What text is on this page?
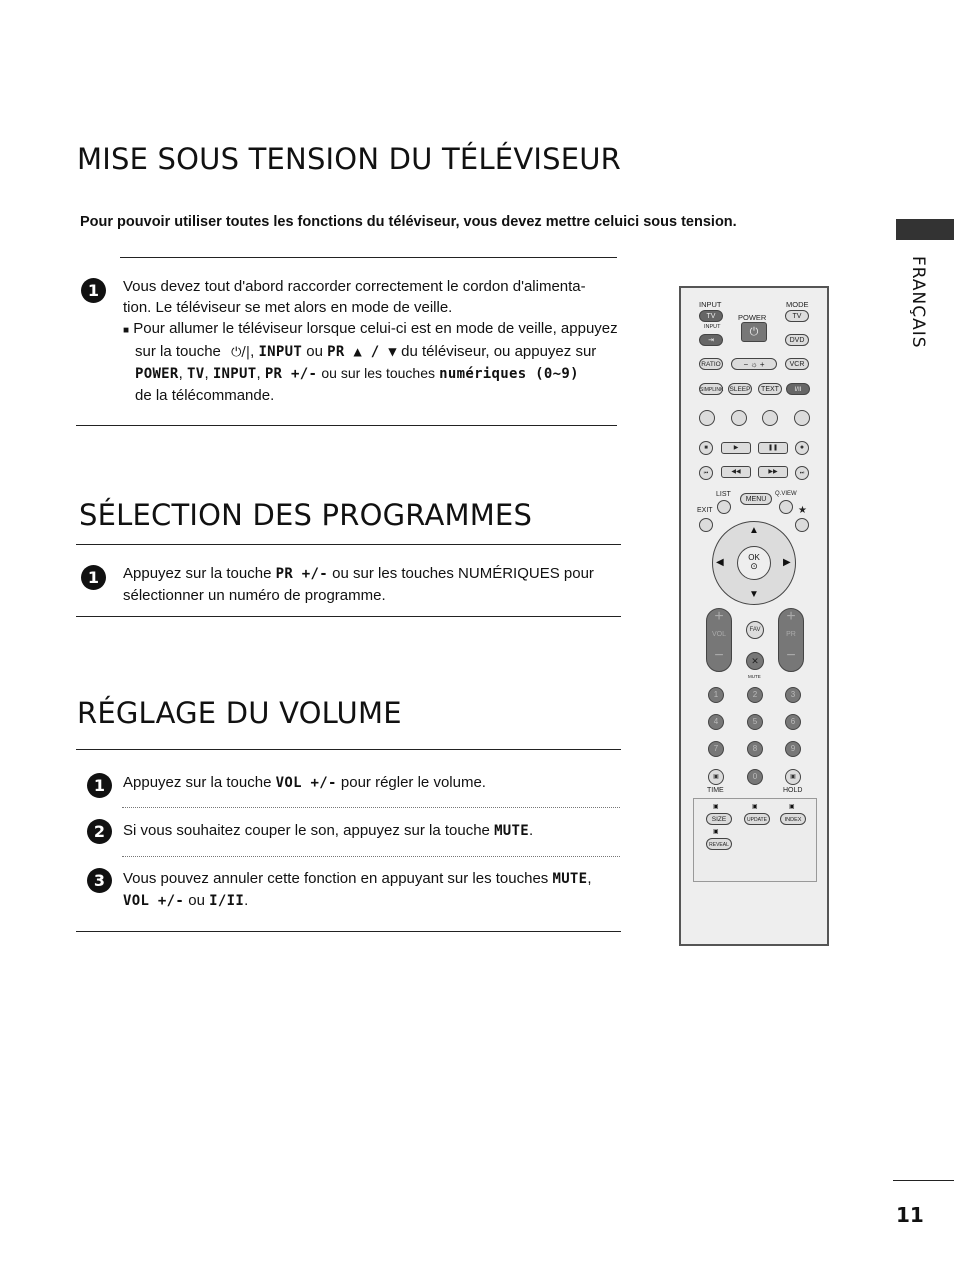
MISE SOUS TENSION DU TÉLÉVISEUR
Pour pouvoir utiliser toutes les fonctions du téléviseur, vous devez mettre celuici sous tension.
1	Vous devez tout d'abord raccorder correctement le cordon d'alimenta-
tion. Le téléviseur se met alors en mode de veille.
■ Pour allumer le téléviseur lorsque celui-ci est en mode de veille, appuyez
sur la touche ⏻/|, INPUT ou PR ▲ / ▼ du téléviseur, ou appuyez sur
POWER, TV, INPUT, PR +/- ou sur les touches numériques (0~9)
de la télécommande.
SÉLECTION DES PROGRAMMES
1	Appuyez sur la touche PR +/- ou sur les touches NUMÉRIQUES pour
sélectionner un numéro de programme.
RÉGLAGE DU VOLUME
1	Appuyez sur la touche VOL +/- pour régler le volume.
2	Si vous souhaitez couper le son, appuyez sur la touche MUTE.
3	Vous pouvez annuler cette fonction en appuyant sur les touches MUTE,
VOL +/- ou I/II.
FRANÇAIS
11
INPUT	MODE
POWER
TV
INPUT
⇥
⏻
TV
DVD
RATIO	− ☼ +	VCR
SIMPLINK SLEEP	TEXT	I/II
■	▶	❚❚	●
⏮	◀◀	▶▶	⏭
LIST	Q.VIEW
MENU
EXIT	★
▲
▼
◀	▶
OK
⊙
+
VOL
−
+
PR
−
FAV
✕
MUTE
1	2	3
4	5	6
7	8	9
▣	0	▣
TIME	HOLD
▣	▣	▣
SIZE	UPDATE	INDEX
▣
REVEAL
